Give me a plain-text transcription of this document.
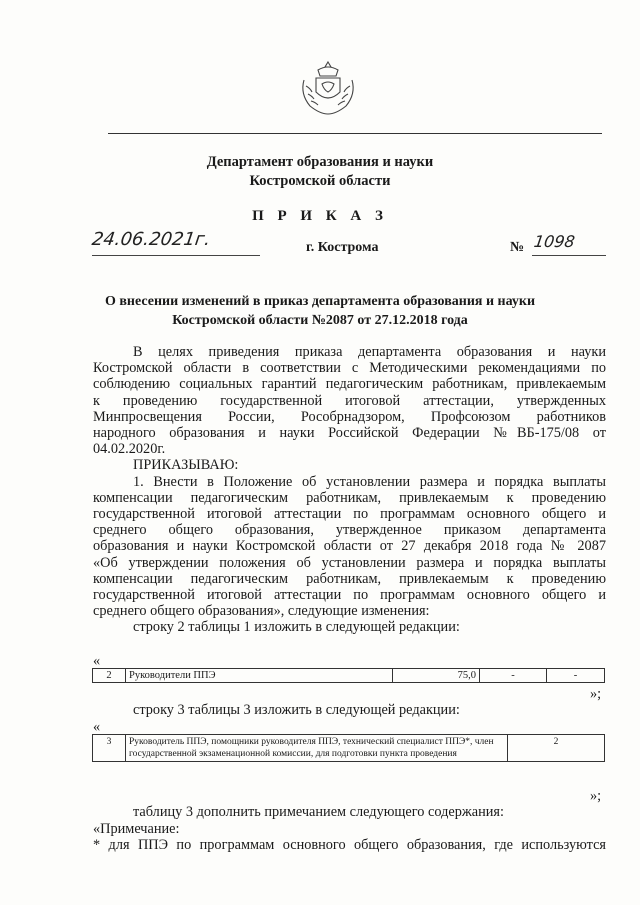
Департамент образования и науки
Костромской области
П Р И К А З
24.06.2021г.	г. Кострома	№ 1098
О внесении изменений в приказ департамента образования и науки
Костромской области №2087 от 27.12.2018 года

В целях приведения приказа департамента образования и науки

Костромской области в соответствии с Методическими рекомендациями по

соблюдению социальных гарантий педагогическим работникам, привлекаемым

к проведению государственной итоговой аттестации, утвержденных

Минпросвещения России, Рособрнадзором, Профсоюзом работников

народного образования и науки Российской Федерации №ВБ-175/08 от

04.02.2020г.

ПРИКАЗЫВАЮ:

1. Внести в Положение об установлении размера и порядка выплаты

компенсации педагогическим работникам, привлекаемым к проведению

государственной итоговой аттестации по программам основного общего и

среднего общего образования, утвержденное приказом департамента

образования и науки Костромской области от 27 декабря 2018 года № 2087

«Об утверждении положения об установлении размера и порядка выплаты

компенсации педагогическим работникам, привлекаемым к проведению

государственной итоговой аттестации по программам основного общего и

среднего общего образования», следующие изменения:

строку 2 таблицы 1 изложить в следующей редакции:

«
2	Руководители ППЭ	75,0	-	-
»;
строку 3 таблицы 3 изложить в следующей редакции:
«
3	Руководитель ППЭ, помощники руководителя ППЭ, технический специалист ППЭ*, член государственной экзаменационной комиссии, для подготовки пункта проведения	2
»;
таблицу 3 дополнить примечанием следующего содержания:
«Примечание:
* для ППЭ по программам основного общего образования, где используются
